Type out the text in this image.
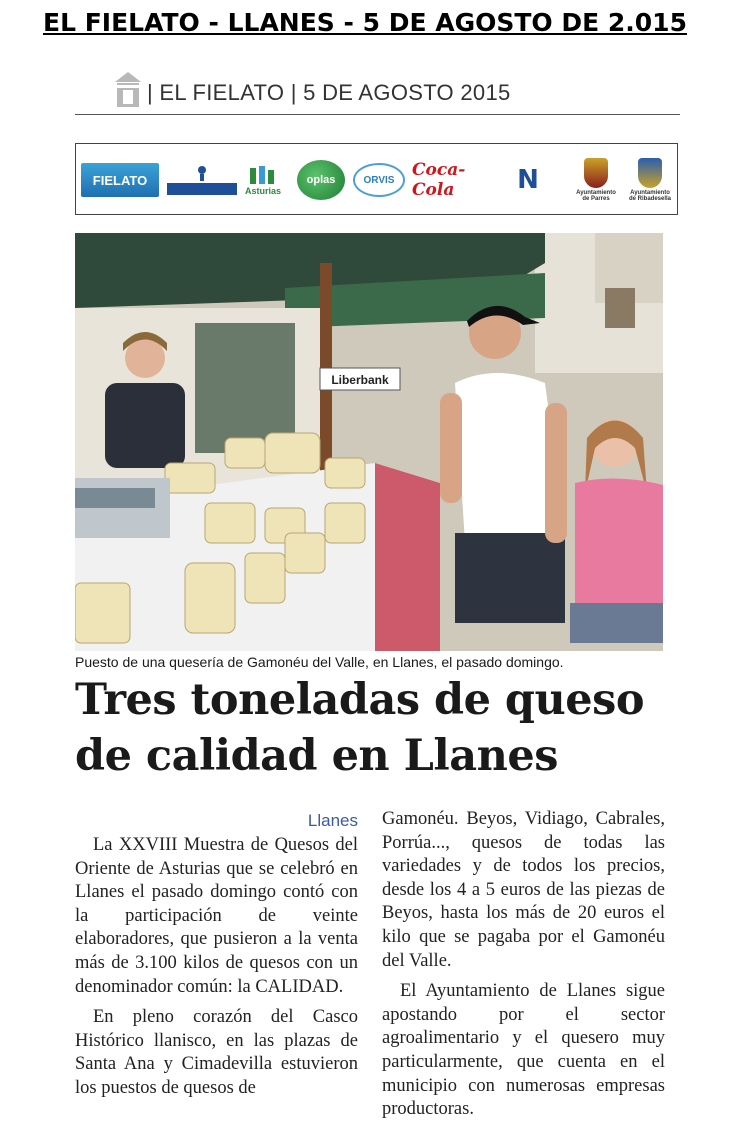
EL FIELATO - LLANES - 5 DE AGOSTO DE 2.015
| EL FIELATO | 5 DE AGOSTO 2015
FIELATO
Asturias
oplas	ORVIS	Coca-Cola	N	Ayuntamiento de Parres
Ayuntamiento de Ribadesella
Liberbank
Puesto de una quesería de Gamonéu del Valle, en Llanes, el pasado domingo.
Tres toneladas de queso de calidad en Llanes
Llanes

La XXVIII Muestra de Quesos del Oriente de Asturias que se celebró en Llanes el pasado domingo contó con la participación de veinte elaboradores, que pusieron a la venta más de 3.100 kilos de quesos con un denominador común: la CALIDAD.

En pleno corazón del Casco Histórico llanisco, en las plazas de Santa Ana y Cimadevilla estuvieron los puestos de quesos de

Gamonéu. Beyos, Vidiago, Cabrales, Porrúa..., quesos de todas las variedades y de todos los precios, desde los 4 a 5 euros de las piezas de Beyos, hasta los más de 20 euros el kilo que se pagaba por el Gamonéu del Valle.

El Ayuntamiento de Llanes sigue apostando por el sector agroalimentario y el quesero muy particularmente, que cuenta en el municipio con numerosas empresas productoras.
